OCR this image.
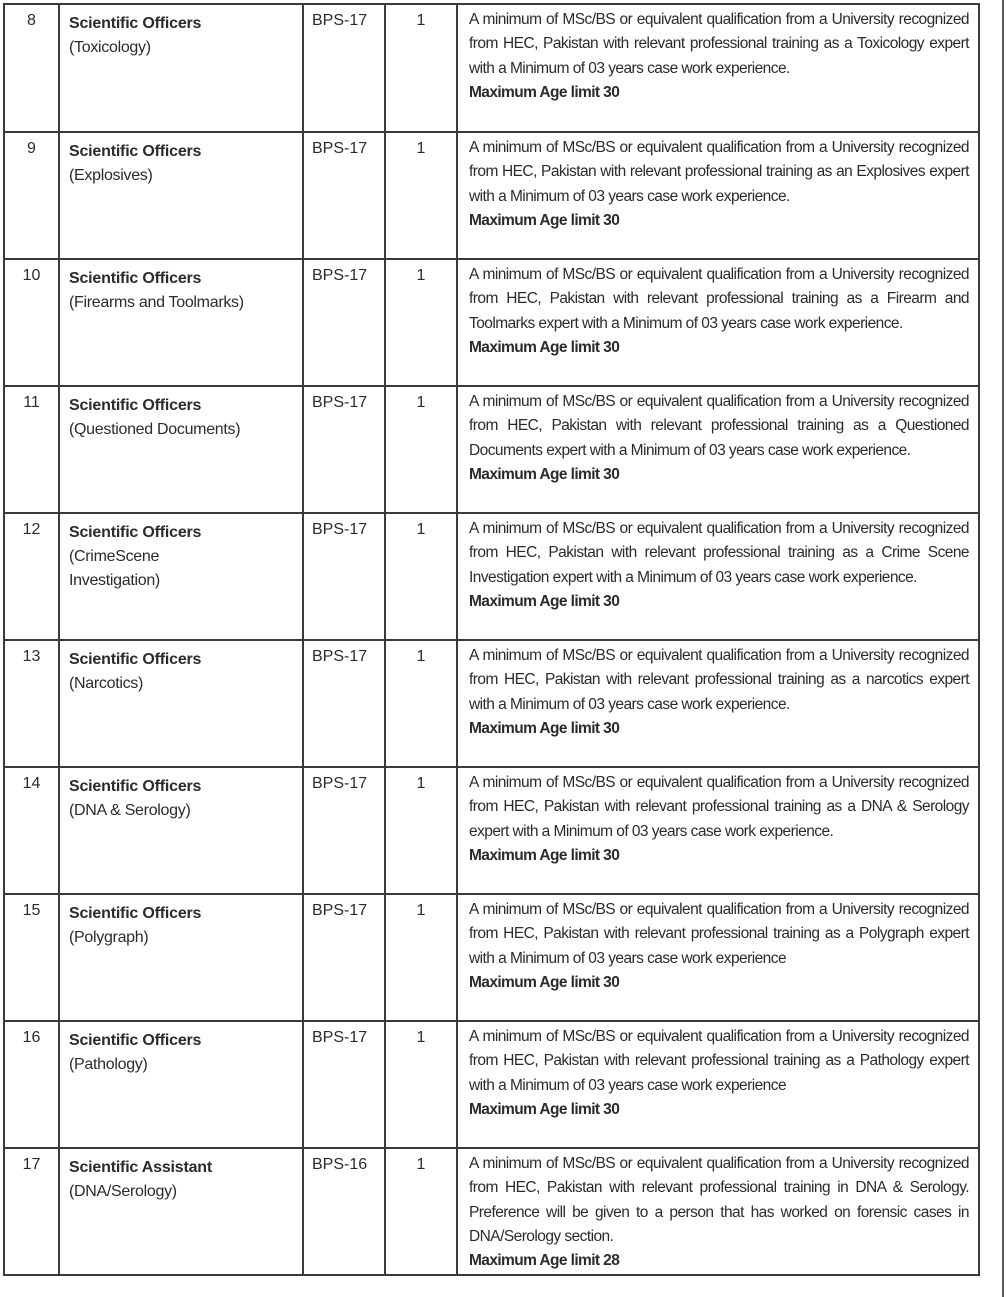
8	Scientific Officers
(Toxicology)	BPS-17	1	A minimum of MSc/BS or equivalent qualification from a University recognized from HEC, Pakistan with relevant professional training as a Toxicology expert with a Minimum of 03 years case work experience.
Maximum Age limit 30

9	Scientific Officers
(Explosives)	BPS-17	1	A minimum of MSc/BS or equivalent qualification from a University recognized from HEC, Pakistan with relevant professional training as an Explosives expert with a Minimum of 03 years case work experience.
Maximum Age limit 30

10	Scientific Officers
(Firearms and Toolmarks)	BPS-17	1	A minimum of MSc/BS or equivalent qualification from a University recognized from HEC, Pakistan with relevant professional training as a Firearm and Toolmarks expert with a Minimum of 03 years case work experience.
Maximum Age limit 30

11	Scientific Officers
(Questioned Documents)	BPS-17	1	A minimum of MSc/BS or equivalent qualification from a University recognized from HEC, Pakistan with relevant professional training as a Questioned Documents expert with a Minimum of 03 years case work experience.
Maximum Age limit 30

12	Scientific Officers
(CrimeScene Investigation)	BPS-17	1	A minimum of MSc/BS or equivalent qualification from a University recognized from HEC, Pakistan with relevant professional training as a Crime Scene Investigation expert with a Minimum of 03 years case work experience.
Maximum Age limit 30

13	Scientific Officers
(Narcotics)	BPS-17	1	A minimum of MSc/BS or equivalent qualification from a University recognized from HEC, Pakistan with relevant professional training as a narcotics expert with a Minimum of 03 years case work experience.
Maximum Age limit 30

14	Scientific Officers
(DNA & Serology)	BPS-17	1	A minimum of MSc/BS or equivalent qualification from a University recognized from HEC, Pakistan with relevant professional training as a DNA & Serology expert with a Minimum of 03 years case work experience.
Maximum Age limit 30

15	Scientific Officers
(Polygraph)	BPS-17	1	A minimum of MSc/BS or equivalent qualification from a University recognized from HEC, Pakistan with relevant professional training as a Polygraph expert with a Minimum of 03 years case work experience
Maximum Age limit 30

16	Scientific Officers
(Pathology)	BPS-17	1	A minimum of MSc/BS or equivalent qualification from a University recognized from HEC, Pakistan with relevant professional training as a Pathology expert with a Minimum of 03 years case work experience
Maximum Age limit 30

17	Scientific Assistant
(DNA/Serology)	BPS-16	1	A minimum of MSc/BS or equivalent qualification from a University recognized from HEC, Pakistan with relevant professional training in DNA & Serology. Preference will be given to a person that has worked on forensic cases in DNA/Serology section.
Maximum Age limit 28
